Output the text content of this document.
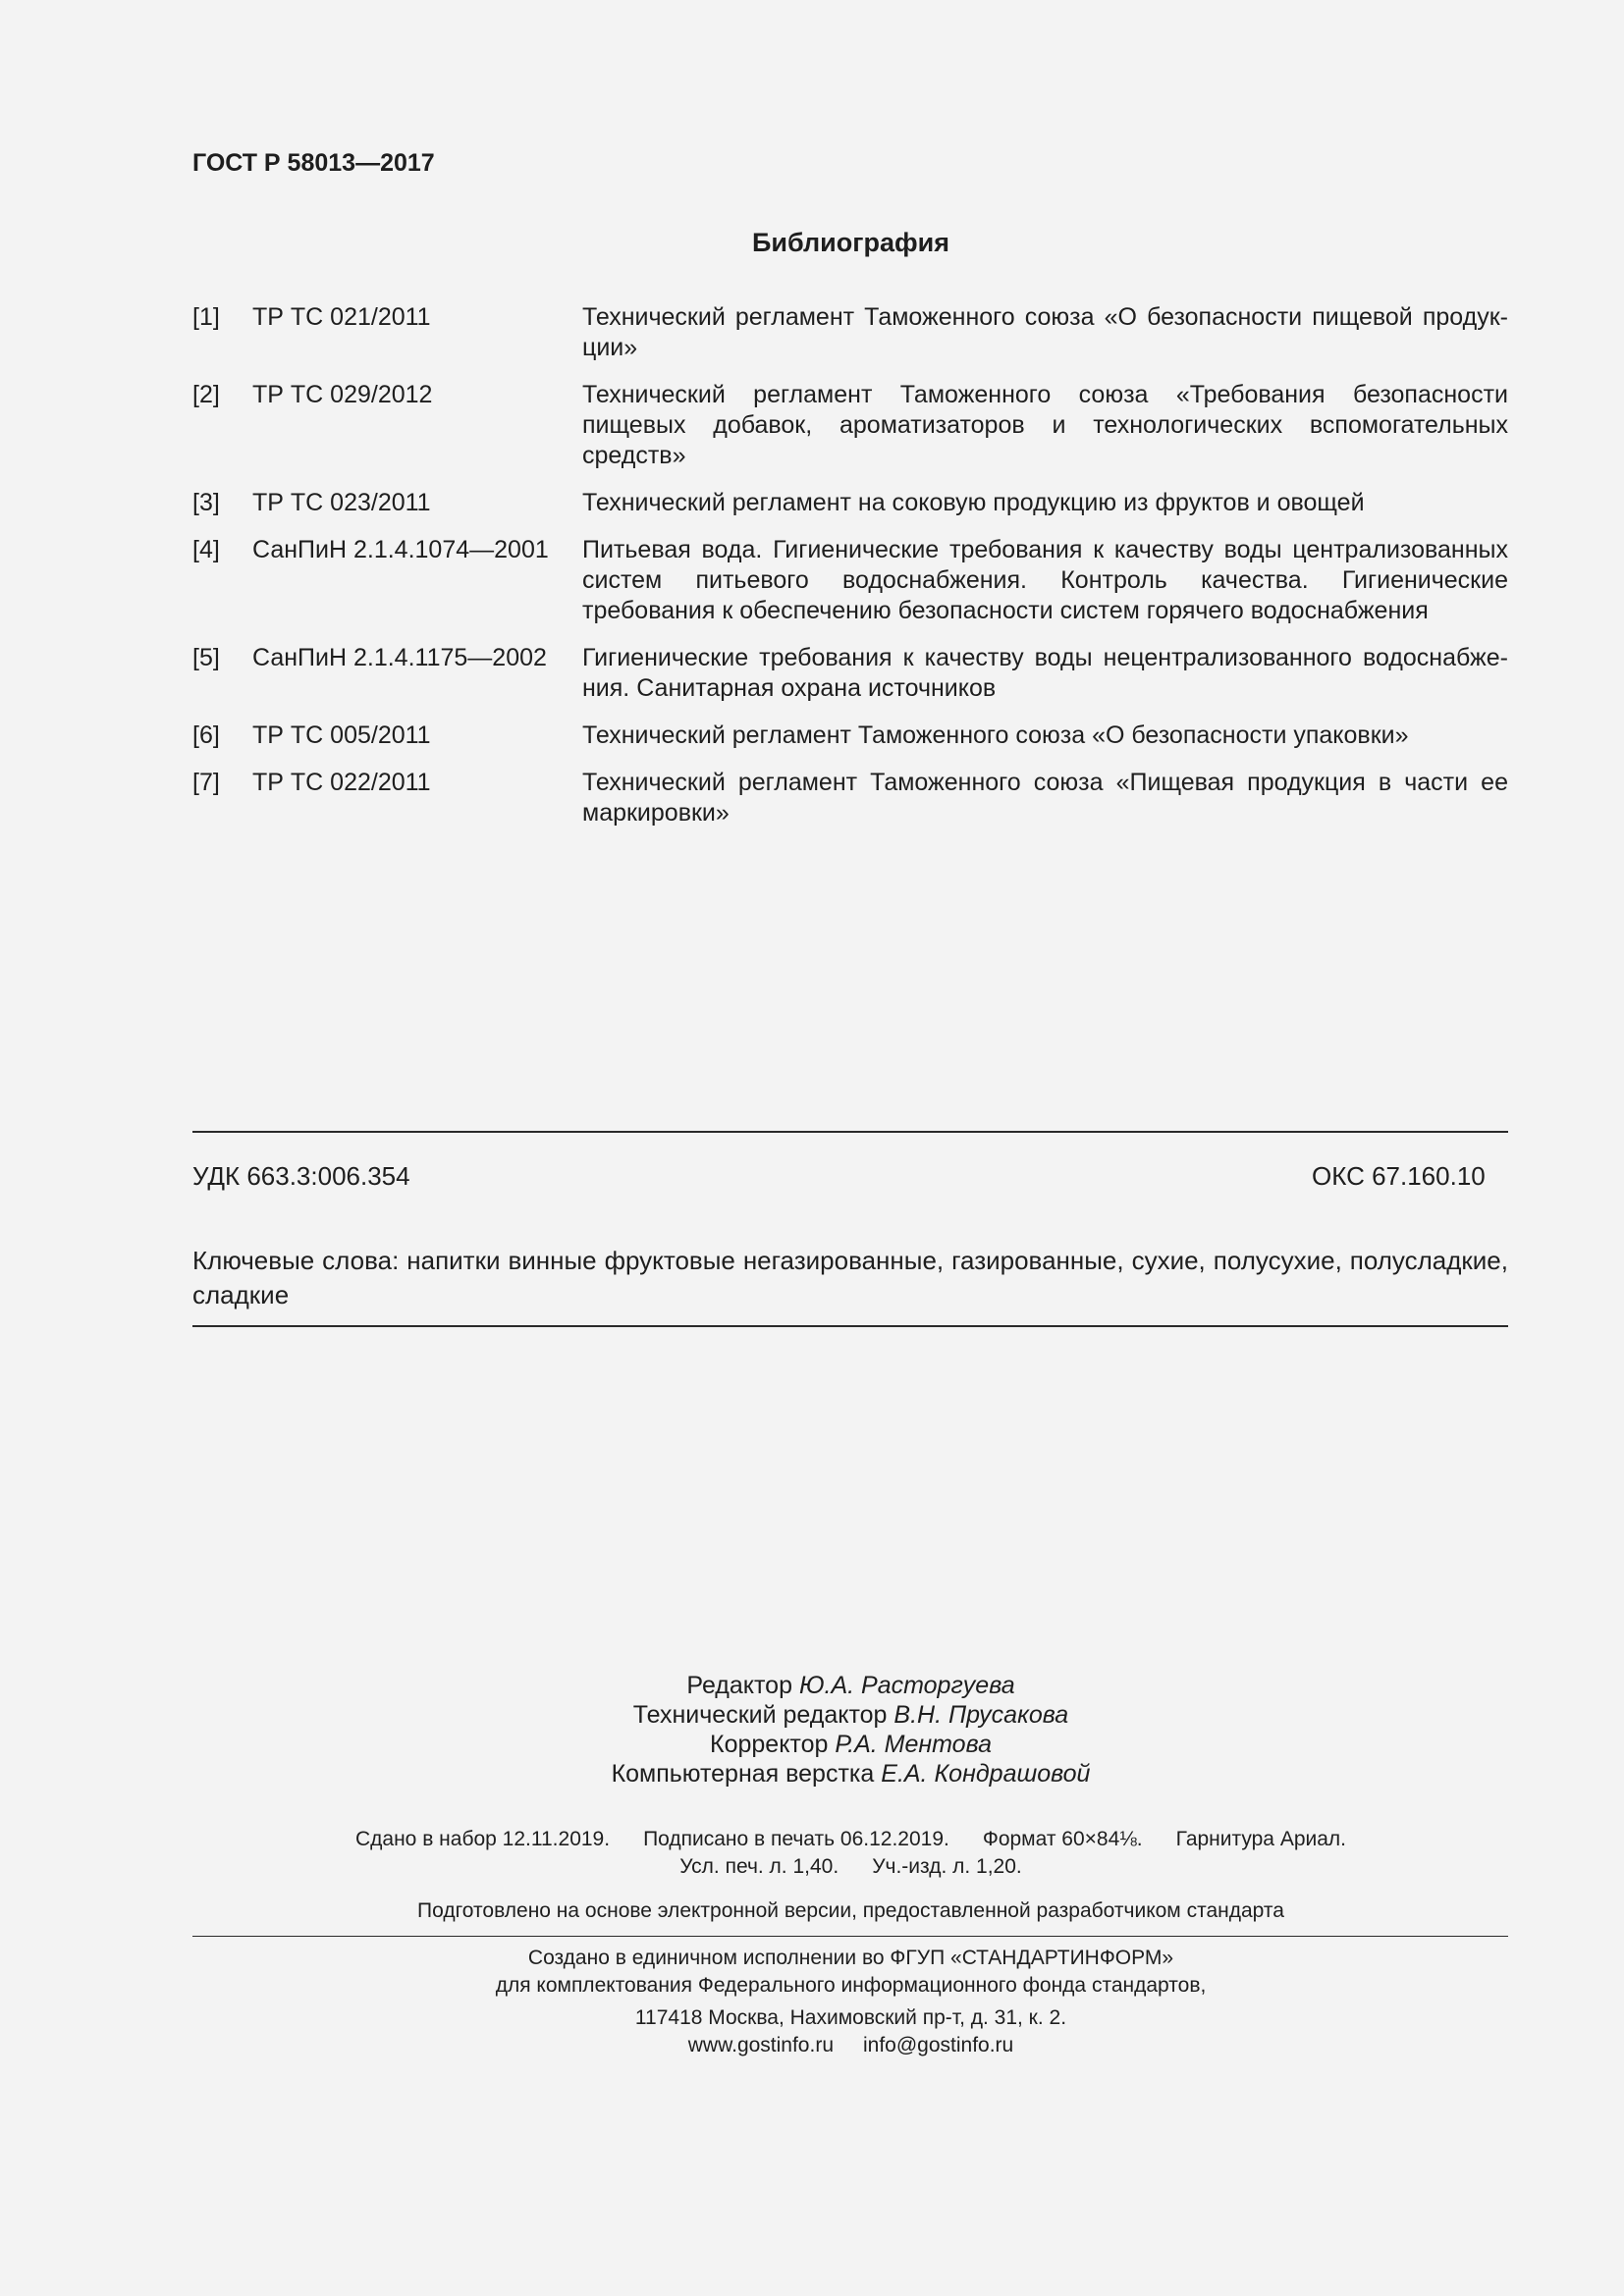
ГОСТ Р 58013—2017
Библиография
[1]	ТР ТС 021/2011	Технический регламент Таможенного союза «О безопасности пищевой продукции»
[2]	ТР ТС 029/2012	Технический регламент Таможенного союза «Требования безопасности пищевых добавок, ароматизаторов и технологических вспомогательных средств»
[3]	ТР ТС 023/2011	Технический регламент на соковую продукцию из фруктов и овощей
[4]	СанПиН 2.1.4.1074—2001	Питьевая вода. Гигиенические требования к качеству воды централизованных систем питьевого водоснабжения. Контроль качества. Гигиенические требования к обеспечению безопасности систем горячего водоснабжения
[5]	СанПиН 2.1.4.1175—2002	Гигиенические требования к качеству воды нецентрализованного водоснабжения. Санитарная охрана источников
[6]	ТР ТС 005/2011	Технический регламент Таможенного союза «О безопасности упаковки»
[7]	ТР ТС 022/2011	Технический регламент Таможенного союза «Пищевая продукция в части ее маркировки»
УДК 663.3:006.354	ОКС 67.160.10
Ключевые слова: напитки винные фруктовые негазированные, газированные, сухие, полусухие, полусладкие, сладкие
Редактор Ю.А. Расторгуева
Технический редактор В.Н. Прусакова
Корректор Р.А. Ментова
Компьютерная верстка Е.А. Кондрашовой
Сдано в набор 12.11.2019. Подписано в печать 06.12.2019. Формат 60×84⅛. Гарнитура Ариал.
Усл. печ. л. 1,40. Уч.-изд. л. 1,20.
Подготовлено на основе электронной версии, предоставленной разработчиком стандарта
Создано в единичном исполнении во ФГУП «СТАНДАРТИНФОРМ»
для комплектования Федерального информационного фонда стандартов,
117418 Москва, Нахимовский пр-т, д. 31, к. 2.
www.gostinfo.ru info@gostinfo.ru
